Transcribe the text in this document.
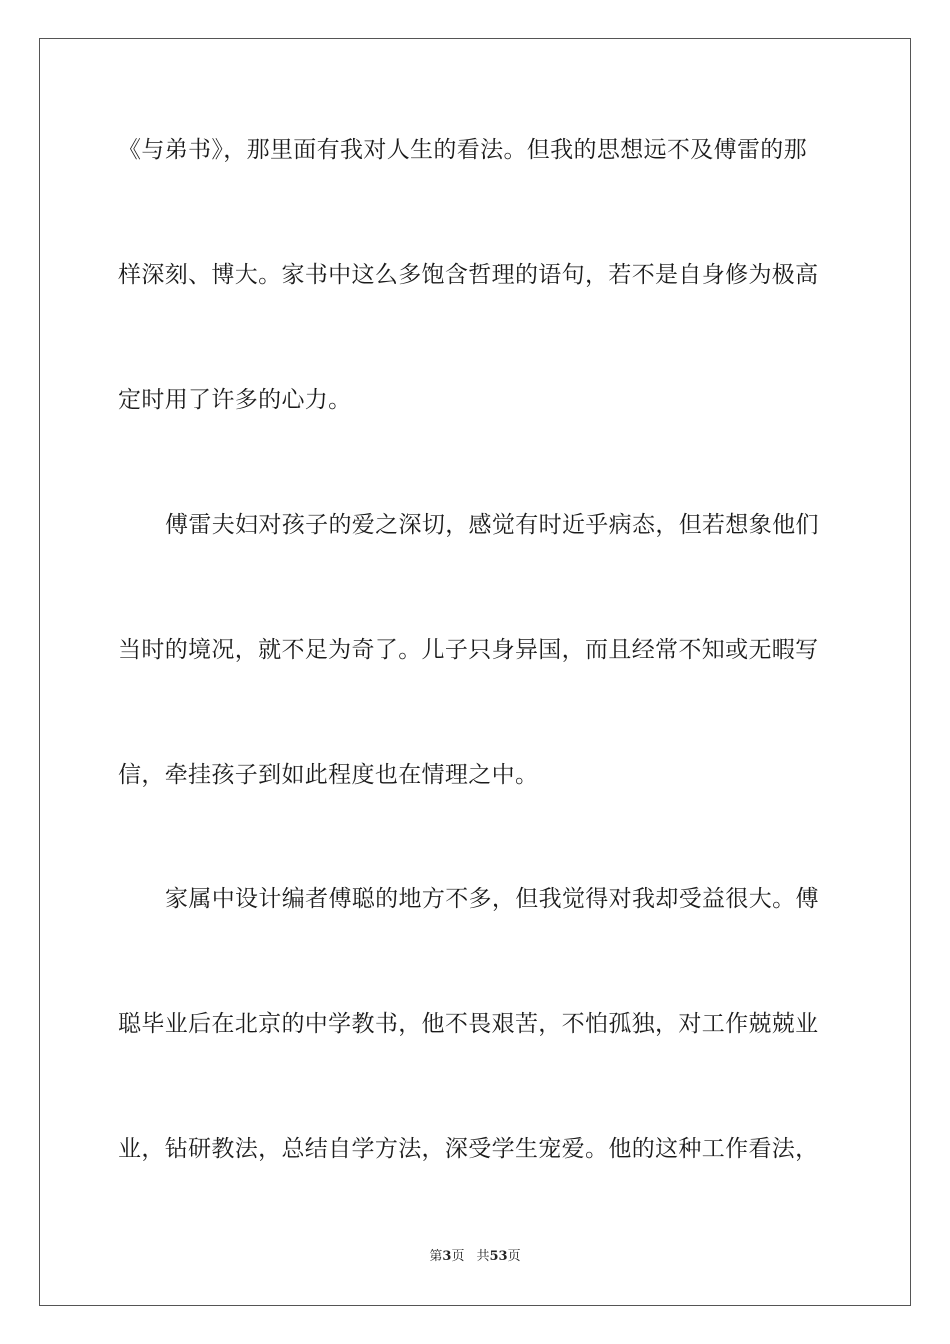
《与弟书》，那里面有我对人生的看法。但我的思想远不及傅雷的那
样深刻、博大。家书中这么多饱含哲理的语句，若不是自身修为极高
定时用了许多的心力。
傅雷夫妇对孩子的爱之深切，感觉有时近乎病态，但若想象他们
当时的境况，就不足为奇了。儿子只身异国，而且经常不知或无暇写
信，牵挂孩子到如此程度也在情理之中。
家属中设计编者傅聪的地方不多，但我觉得对我却受益很大。傅
聪毕业后在北京的中学教书，他不畏艰苦，不怕孤独，对工作兢兢业
业，钻研教法，总结自学方法，深受学生宠爱。他的这种工作看法，
第3页 共53页
